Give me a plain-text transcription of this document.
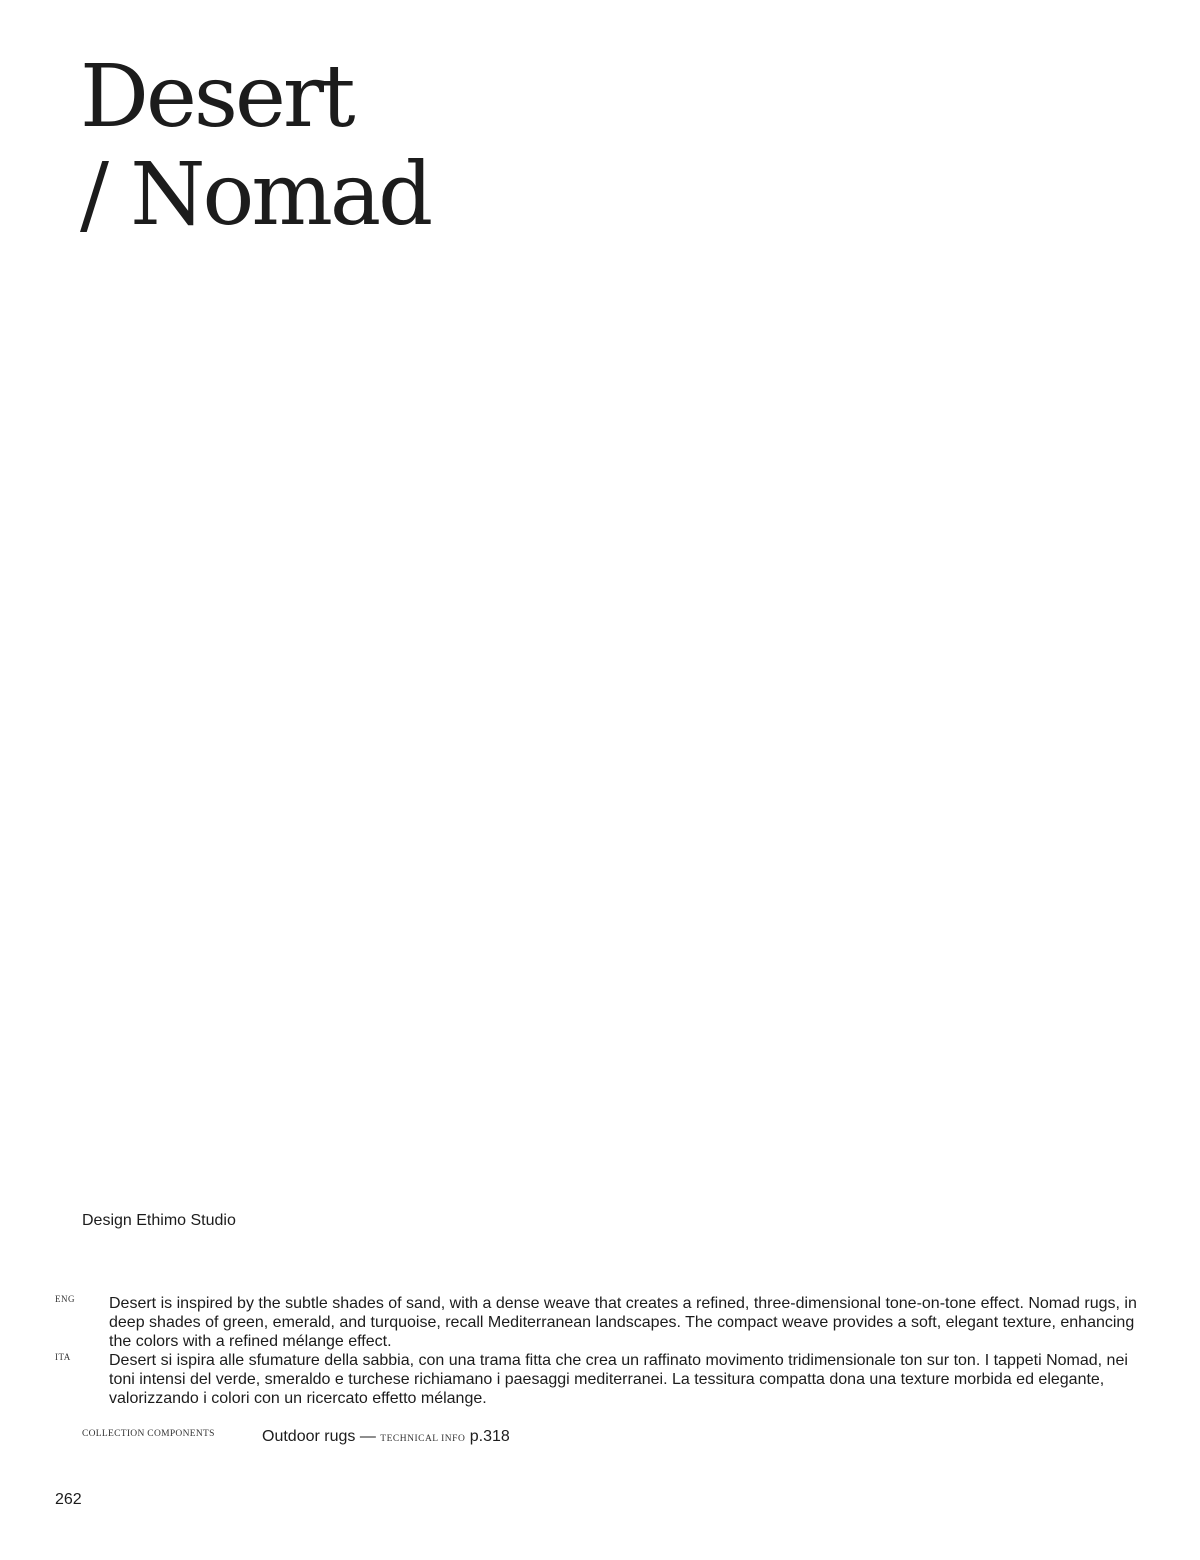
Desert
/ Nomad
Design Ethimo Studio
ENG Desert is inspired by the subtle shades of sand, with a dense weave that creates a refined, three-dimensional tone-on-tone effect. Nomad rugs, in deep shades of green, emerald, and turquoise, recall Mediterranean landscapes. The compact weave provides a soft, elegant texture, enhancing the colors with a refined mélange effect.

ITA Desert si ispira alle sfumature della sabbia, con una trama fitta che crea un raffinato movimento tridimensionale ton sur ton. I tappeti Nomad, nei toni intensi del verde, smeraldo e turchese richiamano i paesaggi mediterranei. La tessitura compatta dona una texture morbida ed elegante, valorizzando i colori con un ricercato effetto mélange.

COLLECTION COMPONENTS	Outdoor rugs — TECHNICAL INFO p.318
262
